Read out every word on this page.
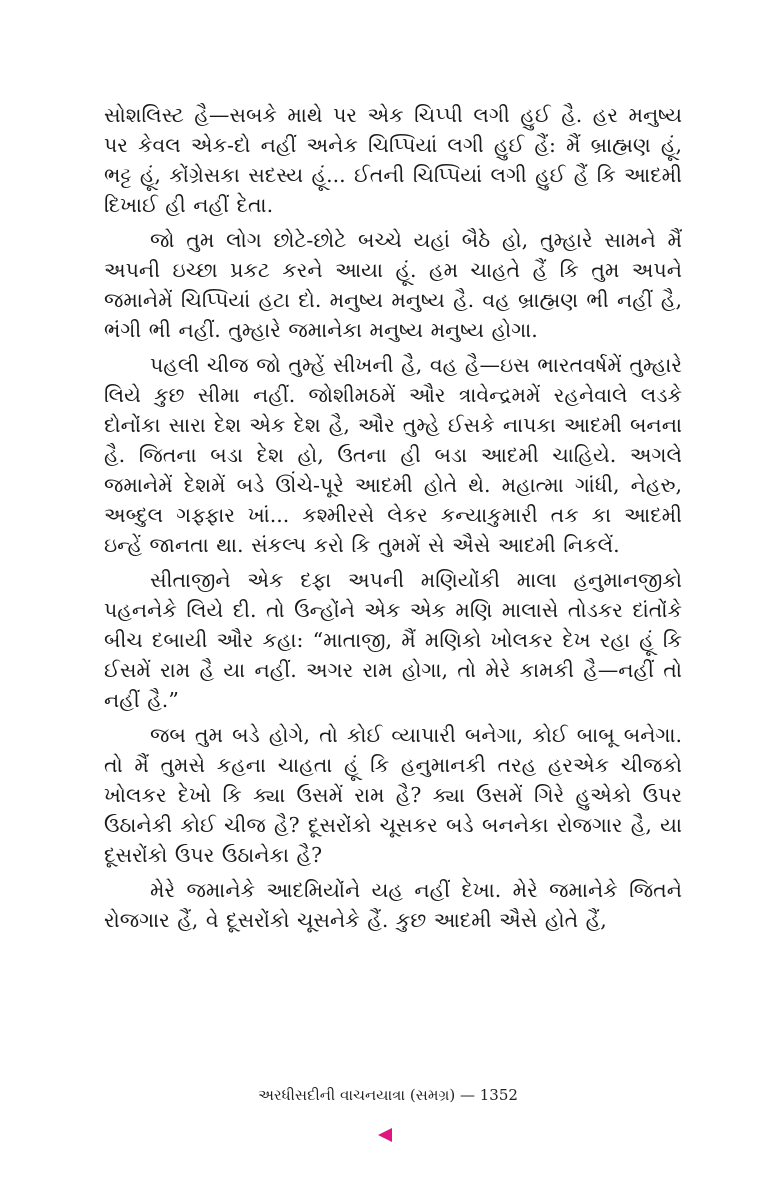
સોશલિસ્ટ હૈ—સબકે માથે પર એક ચિપ્પી લગી હુઈ હૈ. હર મનુષ્ય પર કેવલ એક-દો નહીં અનેક ચિપ્પિયાં લગી હુઈ હૈં: મૈં બ્રાહ્મણ હૂં, ભટ્ટ હૂં, કોંગ્રેસકા સદસ્ય હૂં... ઈતની ચિપ્પિયાં લગી હુઈ હૈં કિ આદમી દિખાઈ હી નહીં દેતા.

જો તુમ લોગ છોટે-છોટે બચ્ચે યહાં બૈઠે હો, તુમ્હારે સામને મૈં અપની ઇચ્છા પ્રકટ કરને આયા હૂં. હમ ચાહતે હૈં કિ તુમ અપને જમાનેમેં ચિપ્પિયાં હટા દો. મનુષ્ય મનુષ્ય હૈ. વહ બ્રાહ્મણ ભી નહીં હૈ, ભંગી ભી નહીં. તુમ્હારે જમાનેકા મનુષ્ય મનુષ્ય હોગા.

પહલી ચીજ જો તુમ્હેં સીખની હૈ, વહ હૈ—ઇસ ભારતવર્ષમેં તુમ્હારે લિયે કુછ સીમા નહીં. જોશીમઠમેં ઔર ત્રાવેન્દ્રમમેં રહનેવાલે લડકે દોનોંકા સારા દેશ એક દેશ હૈ, ઔર તુમ્હે ઈસકે નાપકા આદમી બનના હૈ. જિતના બડા દેશ હો, ઉતના હી બડા આદમી ચાહિયે. અગલે જમાનેમેં દેશમેં બડે ઊંચે-પૂરે આદમી હોતે થે. મહાત્મા ગાંધી, નેહરુ, અબ્દુલ ગફ્ફાર ખાં... કશ્મીરસે લેકર કન્યાકુમારી તક કા આદમી ઇન્હેં જાનતા થા. સંકલ્પ કરો કિ તુમમેં સે ઐસે આદમી નિકલેં.

સીતાજીને એક દફા અપની મણિયોંકી માલા હનુમાનજીકો પહનનેકે લિયે દી. તો ઉન્હોંને એક એક મણિ માલાસે તોડકર દાંતોંકે બીચ દબાયી ઔર કહા: “માતાજી, મૈં મણિકો ખોલકર દેખ રહા હૂં કિ ઈસમેં રામ હૈ યા નહીં. અગર રામ હોગા, તો મેરે કામકી હૈ—નહીં તો નહીં હૈ.”

જબ તુમ બડે હોગે, તો કોઈ વ્યાપારી બનેગા, કોઈ બાબૂ બનેગા. તો મૈં તુમસે કહના ચાહતા હૂં કિ હનુમાનકી તરહ હરએક ચીજકો ખોલકર દેખો કિ ક્યા ઉસમેં રામ હૈ? ક્યા ઉસમેં ગિરે હુએકો ઉપર ઉઠાનેકી કોઈ ચીજ હૈ? દૂસરોંકો ચૂસકર બડે બનનેકા રોજગાર હૈ, યા દૂસરોંકો ઉપર ઉઠાનેકા હૈ?

મેરે જમાનેકે આદમિયોંને યહ નહીં દેખા. મેરે જમાનેકે જિતને રોજગાર હૈં, વે દૂસરોંકો ચૂસનેકે હૈં. કુછ આદમી ઐસે હોતે હૈં,

અરધીસદીની વાચનયાત્રા (સમગ્ર) — 1352
